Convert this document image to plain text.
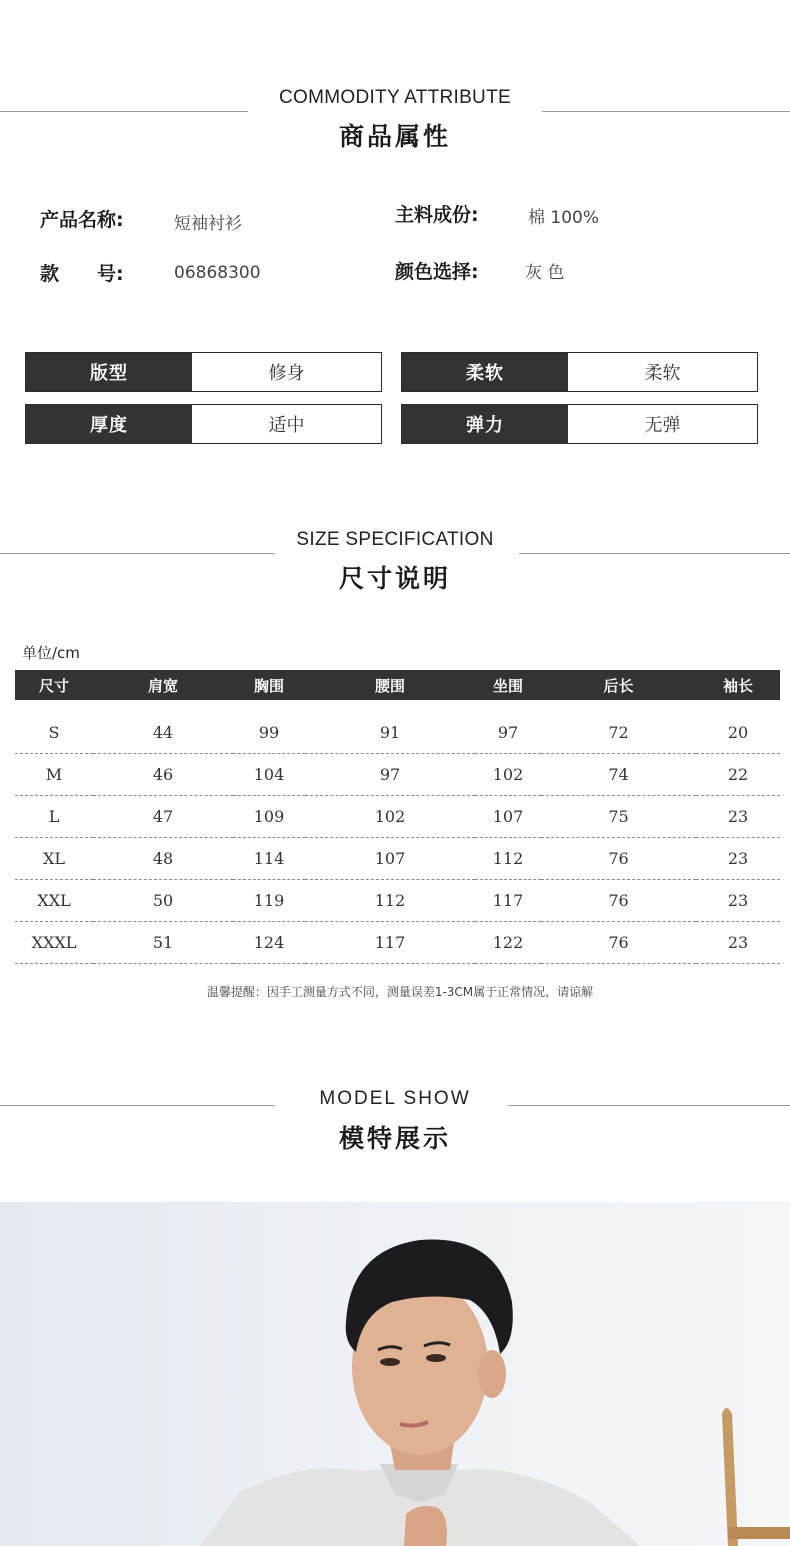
COMMODITY ATTRIBUTE
商品属性
产品名称:	短袖衬衫	主料成份:	棉 100%
款　　号:	06868300	颜色选择:	灰 色
版型	修身	柔软	柔软
厚度	适中	弹力	无弹
SIZE SPECIFICATION
尺寸说明
单位/cm
尺寸	肩宽	胸围	腰围	坐围	后长	袖长

S	44	99	91	97	72	20
M	46	104	97	102	74	22
L	47	109	102	107	75	23
XL	48	114	107	112	76	23
XXL	50	119	112	117	76	23
XXXL	51	124	117	122	76	23
温馨提醒：因手工测量方式不同，测量误差1-3CM属于正常情况，请谅解
MODEL SHOW
模特展示
